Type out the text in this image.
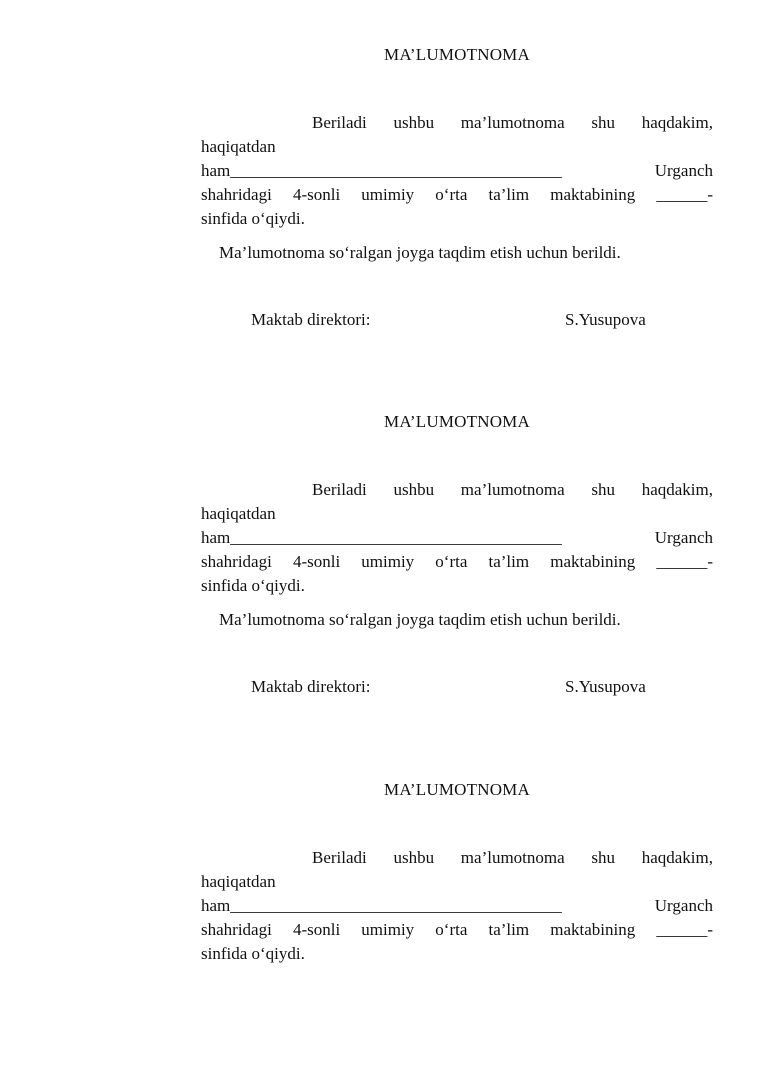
MA’LUMOTNOMA
Beriladi ushbu ma’lumotnoma shu haqdakim,
haqiqatdan
ham_______________________________________	Urganch
shahridagi 4-sonli umimiy o‘rta ta’lim maktabining ______-
sinfida o‘qiydi.
Ma’lumotnoma so‘ralgan joyga taqdim etish uchun berildi.
Maktab direktori:	S.Yusupova
MA’LUMOTNOMA
Beriladi ushbu ma’lumotnoma shu haqdakim,
haqiqatdan
ham_______________________________________	Urganch
shahridagi 4-sonli umimiy o‘rta ta’lim maktabining ______-
sinfida o‘qiydi.
Ma’lumotnoma so‘ralgan joyga taqdim etish uchun berildi.
Maktab direktori:	S.Yusupova
MA’LUMOTNOMA
Beriladi ushbu ma’lumotnoma shu haqdakim,
haqiqatdan
ham_______________________________________	Urganch
shahridagi 4-sonli umimiy o‘rta ta’lim maktabining ______-
sinfida o‘qiydi.
